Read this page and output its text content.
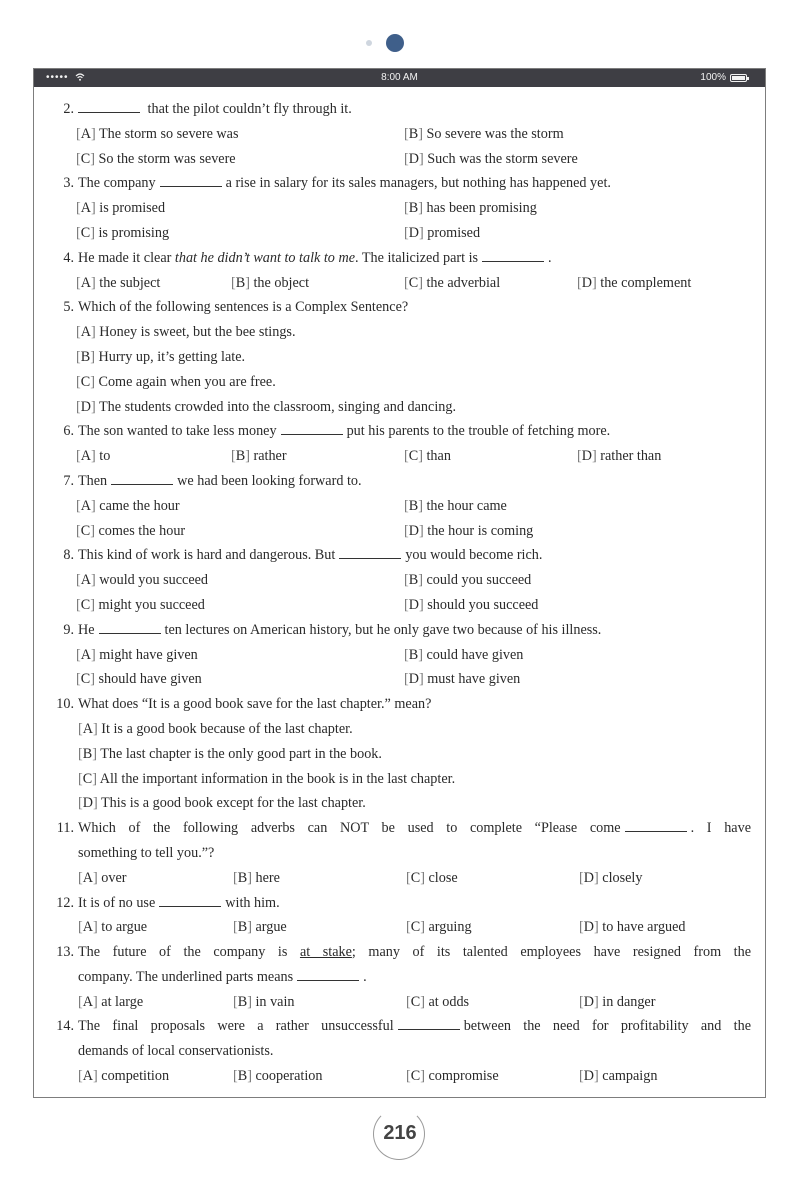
•••••	8:00 AM	100%
2.	that the pilot couldn’t fly through it.
[A] The storm so severe was	[B] So severe was the storm
[C] So the storm was severe	[D] Such was the storm severe
3. The company	a rise in salary for its sales managers, but nothing has happened yet.
[A] is promised	[B] has been promising
[C] is promising	[D] promised
4. He made it clear that he didn’t want to talk to me. The italicized part is	.
[A] the subject	[B] the object	[C] the adverbial	[D] the complement
5. Which of the following sentences is a Complex Sentence?
[A] Honey is sweet, but the bee stings.
[B] Hurry up, it’s getting late.
[C] Come again when you are free.
[D] The students crowded into the classroom, singing and dancing.
6. The son wanted to take less money	put his parents to the trouble of fetching more.
[A] to	[B] rather	[C] than	[D] rather than
7. Then	we had been looking forward to.
[A] came the hour	[B] the hour came
[C] comes the hour	[D] the hour is coming
8. This kind of work is hard and dangerous. But	you would become rich.
[A] would you succeed	[B] could you succeed
[C] might you succeed	[D] should you succeed
9. He	ten lectures on American history, but he only gave two because of his illness.
[A] might have given	[B] could have given
[C] should have given	[D] must have given
10. What does “It is a good book save for the last chapter.” mean?
[A] It is a good book because of the last chapter.
[B] The last chapter is the only good part in the book.
[C] All the important information in the book is in the last chapter.
[D] This is a good book except for the last chapter.
11. Which of the following adverbs can NOT be used to complete “Please come	. I have
something to tell you.”?
[A] over	[B] here	[C] close	[D] closely
12. It is of no use	with him.
[A] to argue	[B] argue	[C] arguing	[D] to have argued
13. The future of the company is at stake; many of its talented employees have resigned from the
company. The underlined parts means	.
[A] at large	[B] in vain	[C] at odds	[D] in danger
14. The final proposals were a rather unsuccessful	between the need for profitability and the
demands of local conservationists.
[A] competition	[B] cooperation	[C] compromise	[D] campaign
216
